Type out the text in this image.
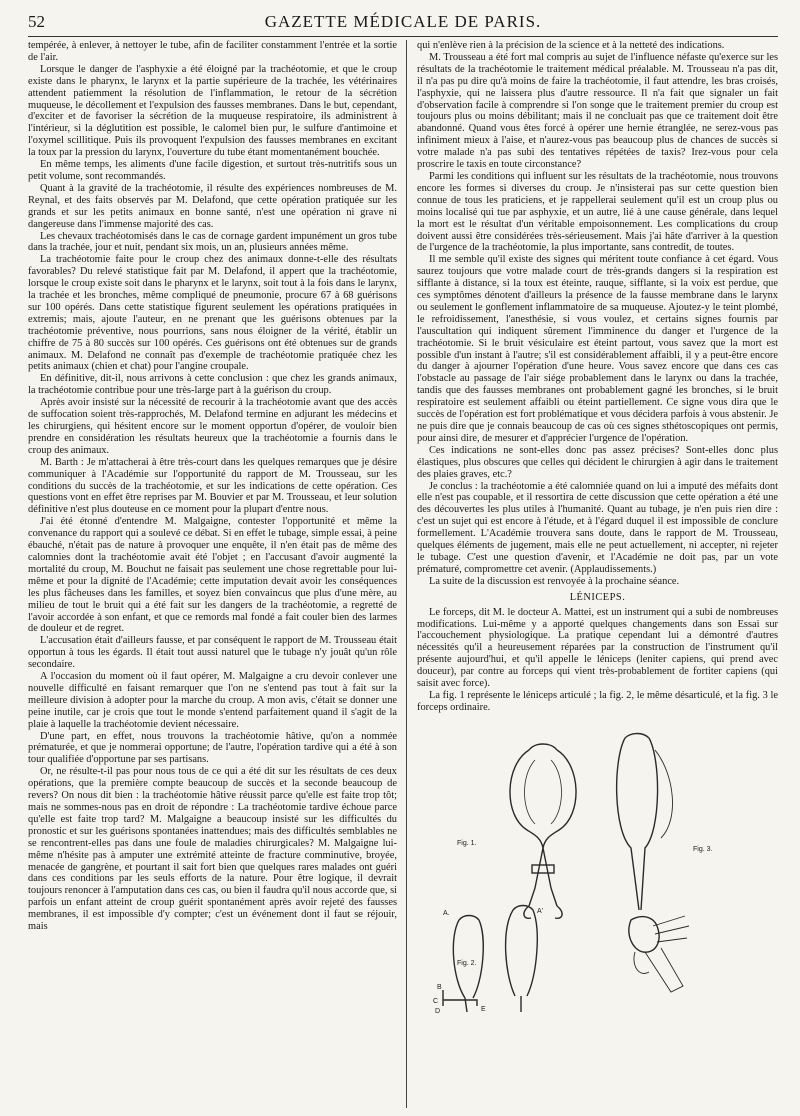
52	GAZETTE MÉDICALE DE PARIS.

tempérée, à enlever, à nettoyer le tube, afin de faciliter constamment l'entrée et la sortie de l'air.

Lorsque le danger de l'asphyxie a été éloigné par la trachéotomie, et que le croup existe dans le pharynx, le larynx et la partie supérieure de la trachée, les vétérinaires attendent patiemment la résolution de l'inflammation, le retour de la sécrétion muqueuse, le décollement et l'expulsion des fausses membranes. Dans le but, cependant, d'exciter et de favoriser la sécrétion de la muqueuse respiratoire, ils administrent à l'intérieur, si la déglutition est possible, le calomel bien pur, le sulfure d'antimoine et l'oxymel scillitique. Puis ils provoquent l'expulsion des fausses membranes en excitant la toux par la pression du larynx, l'ouverture du tube étant momentanément bouchée.

En même temps, les aliments d'une facile digestion, et surtout très-nutritifs sous un petit volume, sont recommandés.

Quant à la gravité de la trachéotomie, il résulte des expériences nombreuses de M. Reynal, et des faits observés par M. Delafond, que cette opération pratiquée sur les grands et sur les petits animaux en bonne santé, n'est une opération ni grave ni dangereuse dans l'immense majorité des cas.

Les chevaux trachéotomisés dans le cas de cornage gardent impunément un gros tube dans la trachée, jour et nuit, pendant six mois, un an, plusieurs années même.

La trachéotomie faite pour le croup chez des animaux donne-t-elle des résultats favorables? Du relevé statistique fait par M. Delafond, il appert que la trachéotomie, lorsque le croup existe soit dans le pharynx et le larynx, soit tout à la fois dans le larynx, la trachée et les bronches, même compliqué de pneumonie, procure 67 à 68 guérisons sur 100 opérés. Dans cette statistique figurent seulement les opérations pratiquées in extremis; mais, ajoute l'auteur, en ne prenant que les guérisons obtenues par la trachéotomie préventive, nous pourrions, sans nous éloigner de la vérité, établir un chiffre de 75 à 80 succès sur 100 opérés. Ces guérisons ont été obtenues sur de grands animaux. M. Delafond ne connaît pas d'exemple de trachéotomie pratiquée chez les petits animaux (chien et chat) pour l'angine croupale.

En définitive, dit-il, nous arrivons à cette conclusion : que chez les grands animaux, la trachéotomie contribue pour une très-large part à la guérison du croup.

Après avoir insisté sur la nécessité de recourir à la trachéotomie avant que des accès de suffocation soient très-rapprochés, M. Delafond termine en adjurant les médecins et les chirurgiens, qui hésitent encore sur le moment opportun d'opérer, de vouloir bien prendre en considération les résultats heureux que la trachéotomie a fournis dans le croup des animaux.

M. Barth : Je m'attacherai à être très-court dans les quelques remarques que je désire communiquer à l'Académie sur l'opportunité du rapport de M. Trousseau, sur les conditions du succès de la trachéotomie, et sur les indications de cette opération. Ces questions vont en effet être reprises par M. Bouvier et par M. Trousseau, et leur solution définitive n'est plus douteuse en ce moment pour la plupart d'entre nous.

J'ai été étonné d'entendre M. Malgaigne, contester l'opportunité et même la convenance du rapport qui a soulevé ce débat. Si en effet le tubage, simple essai, à peine ébauché, n'était pas de nature à provoquer une enquête, il n'en était pas de même des calomnies dont la trachéotomie avait été l'objet ; en l'accusant d'avoir augmenté la mortalité du croup, M. Bouchut ne faisait pas seulement une chose regrettable pour lui-même et pour la dignité de l'Académie; cette imputation devait avoir les conséquences les plus fâcheuses dans les familles, et soyez bien convaincus que plus d'une mère, au milieu de tout le bruit qui a été fait sur les dangers de la trachéotomie, a regretté de l'avoir accordée à son enfant, et que ce remords mal fondé a fait couler bien des larmes de douleur et de regret.

L'accusation était d'ailleurs fausse, et par conséquent le rapport de M. Trousseau était opportun à tous les égards. Il était tout aussi naturel que le tubage n'y jouât qu'un rôle secondaire.

A l'occasion du moment où il faut opérer, M. Malgaigne a cru devoir conlever une nouvelle difficulté en faisant remarquer que l'on ne s'entend pas tout à fait sur la meilleure division à adopter pour la marche du croup. A mon avis, c'était se donner une peine inutile, car je crois que tout le monde s'entend parfaitement quand il s'agit de la plaie à laquelle la trachéotomie devient nécessaire.

D'une part, en effet, nous trouvons la trachéotomie hâtive, qu'on a nommée prématurée, et que je nommerai opportune; de l'autre, l'opération tardive qui a été à son tour qualifiée d'opportune par ses partisans.

Or, ne résulte-t-il pas pour nous tous de ce qui a été dit sur les résultats de ces deux opérations, que la première compte beaucoup de succès et la seconde beaucoup de revers? On nous dit bien : la trachéotomie hâtive réussit parce qu'elle est faite trop tôt; mais ne sommes-nous pas en droit de répondre : La trachéotomie tardive échoue parce qu'elle est faite trop tard? M. Malgaigne a beaucoup insisté sur les difficultés du pronostic et sur les guérisons spontanées inattendues; mais des difficultés semblables ne se rencontrent-elles pas dans une foule de maladies chirurgicales? M. Malgaigne lui-même n'hésite pas à amputer une extrémité atteinte de fracture comminutive, broyée, menacée de gangrène, et pourtant il sait fort bien que quelques rares malades ont guéri dans ces conditions par les seuls efforts de la nature. Pour être logique, il devrait toujours renoncer à l'amputation dans ces cas, ou bien il faudra qu'il nous accorde que, si parfois un enfant atteint de croup guérit spontanément après avoir rejeté des fausses membranes, il est impossible d'y compter; c'est un événement dont il faut se réjouir, mais

qui n'enlève rien à la précision de la science et à la netteté des indications.

M. Trousseau a été fort mal compris au sujet de l'influence néfaste qu'exerce sur les résultats de la trachéotomie le traitement médical préalable. M. Trousseau n'a pas dit, il n'a pas pu dire qu'à moins de faire la trachéotomie, il faut attendre, les bras croisés, l'asphyxie, qui ne laissera plus d'autre ressource. Il n'a fait que signaler un fait d'observation facile à comprendre si l'on songe que le traitement premier du croup est toujours plus ou moins débilitant; mais il ne concluait pas que ce traitement doit être abandonné. Quand vous êtes forcé à opérer une hernie étranglée, ne serez-vous pas infiniment mieux à l'aise, et n'aurez-vous pas beaucoup plus de chances de succès si votre malade n'a pas subi des tentatives répétées de taxis? Irez-vous pour cela proscrire le taxis en toute circonstance?

Parmi les conditions qui influent sur les résultats de la trachéotomie, nous trouvons encore les formes si diverses du croup. Je n'insisterai pas sur cette question bien connue de tous les praticiens, et je rappellerai seulement qu'il est un croup plus ou moins localisé qui tue par asphyxie, et un autre, lié à une cause générale, dans lequel la mort est le résultat d'un véritable empoisonnement. Les complications du croup doivent aussi être considérées très-sérieusement. Mais j'ai hâte d'arriver à la question de l'urgence de la trachéotomie, la plus importante, sans contredit, de toutes.

Il me semble qu'il existe des signes qui méritent toute confiance à cet égard. Vous saurez toujours que votre malade court de très-grands dangers si la respiration est sifflante à distance, si la toux est éteinte, rauque, sifflante, si la voix est perdue, que ces symptômes dénotent d'ailleurs la présence de la fausse membrane dans le larynx ou seulement le gonflement inflammatoire de sa muqueuse. Ajoutez-y le teint plombé, le refroidissement, l'anesthésie, si vous voulez, et certains signes fournis par l'auscultation qui indiquent sûrement l'imminence du danger et l'urgence de la trachéotomie. Si le bruit vésiculaire est éteint partout, vous savez que la mort est possible d'un instant à l'autre; s'il est considérablement affaibli, il y a peut-être encore du danger à ajourner l'opération d'une heure. Vous savez encore que dans ces cas l'obstacle au passage de l'air siége probablement dans le larynx ou dans la trachée, tandis que des fausses membranes ont probablement gagné les bronches, si le bruit respiratoire est seulement affaibli ou éteint partiellement. Ce signe vous dira que le succès de l'opération est fort problématique et vous décidera parfois à vous abstenir. Je ne puis dire que je connais beaucoup de cas où ces signes sthétoscopiques ont permis, pour ainsi dire, de mesurer et d'apprécier l'urgence de l'opération.

Ces indications ne sont-elles donc pas assez précises? Sont-elles donc plus élastiques, plus obscures que celles qui décident le chirurgien à agir dans le traitement des plaies graves, etc.?

Je conclus : la trachéotomie a été calomniée quand on lui a imputé des méfaits dont elle n'est pas coupable, et il ressortira de cette discussion que cette opération a été une des découvertes les plus utiles à l'humanité. Quant au tubage, je n'en puis rien dire : c'est un sujet qui est encore à l'étude, et à l'égard duquel il est impossible de conclure formellement. L'Académie trouvera sans doute, dans le rapport de M. Trousseau, quelques éléments de jugement, mais elle ne peut actuellement, ni accepter, ni rejeter le tubage. C'est une question d'avenir, et l'Académie ne doit pas, par un vote prématuré, compromettre cet avenir. (Applaudissements.)

La suite de la discussion est renvoyée à la prochaine séance.

LÉNICEPS.

Le forceps, dit M. le docteur A. Mattei, est un instrument qui a subi de nombreuses modifications. Lui-même y a apporté quelques changements dans son Essai sur l'accouchement physiologique. La pratique cependant lui a démontré d'autres nécessités qu'il a heureusement réparées par la construction de l'instrument qu'il présente aujourd'hui, et qu'il appelle le léniceps (leniter capiens, qui prend avec douceur), par contre au forceps qui vient très-probablement de fortiter capiens (qui saisit avec force).

La fig. 1 représente le léniceps articulé ; la fig. 2, le même désarticulé, et la fig. 3 le forceps ordinaire.

Fig. 1.
Fig. 3.
Fig. 2.
A.	A'
B
C
D	E
